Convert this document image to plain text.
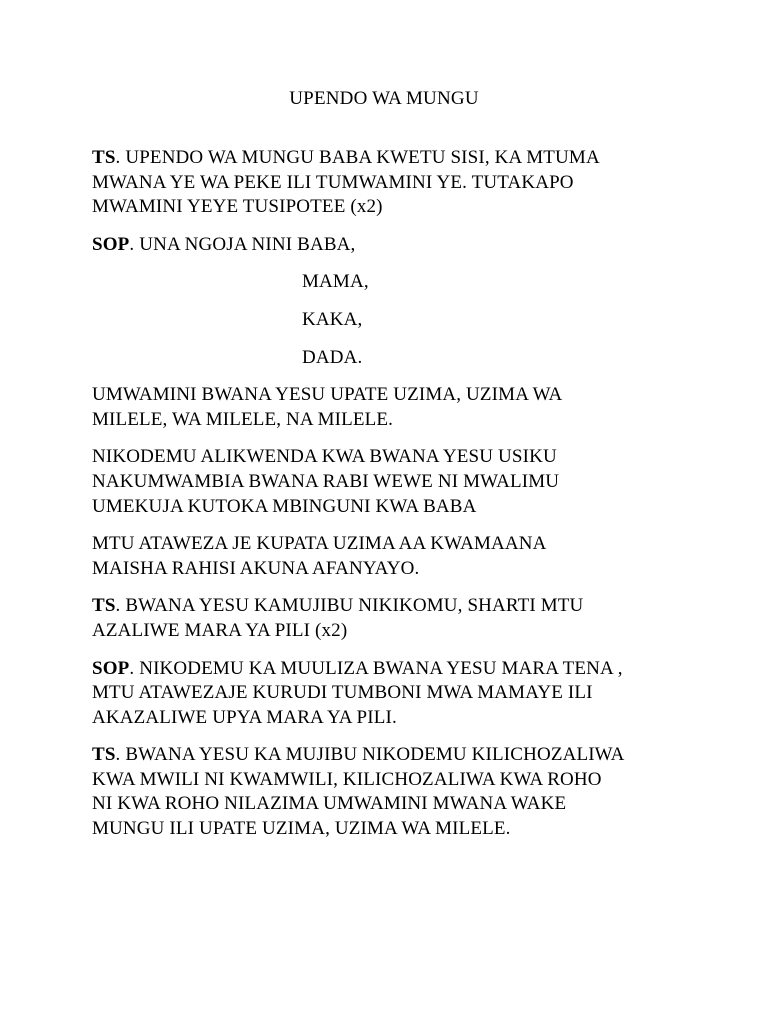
UPENDO WA MUNGU
TS. UPENDO WA MUNGU BABA KWETU SISI, KA MTUMA
MWANA YE WA PEKE ILI TUMWAMINI YE. TUTAKAPO
MWAMINI YEYE TUSIPOTEE (x2)
SOP. UNA NGOJA NINI BABA,
MAMA,
KAKA,
DADA.
UMWAMINI BWANA YESU UPATE UZIMA, UZIMA WA
MILELE, WA MILELE, NA MILELE.
NIKODEMU ALIKWENDA KWA BWANA YESU USIKU
NAKUMWAMBIA BWANA RABI WEWE NI MWALIMU
UMEKUJA KUTOKA MBINGUNI KWA BABA
MTU ATAWEZA JE KUPATA UZIMA AA KWAMAANA
MAISHA RAHISI AKUNA AFANYAYO.
TS. BWANA YESU KAMUJIBU NIKIKOMU, SHARTI MTU
AZALIWE MARA YA PILI (x2)
SOP. NIKODEMU KA MUULIZA BWANA YESU MARA TENA ,
MTU ATAWEZAJE KURUDI TUMBONI MWA MAMAYE ILI
AKAZALIWE UPYA MARA YA PILI.
TS. BWANA YESU KA MUJIBU NIKODEMU KILICHOZALIWA
KWA MWILI NI KWAMWILI, KILICHOZALIWA KWA ROHO
NI KWA ROHO NILAZIMA UMWAMINI MWANA WAKE
MUNGU ILI UPATE UZIMA, UZIMA WA MILELE.
